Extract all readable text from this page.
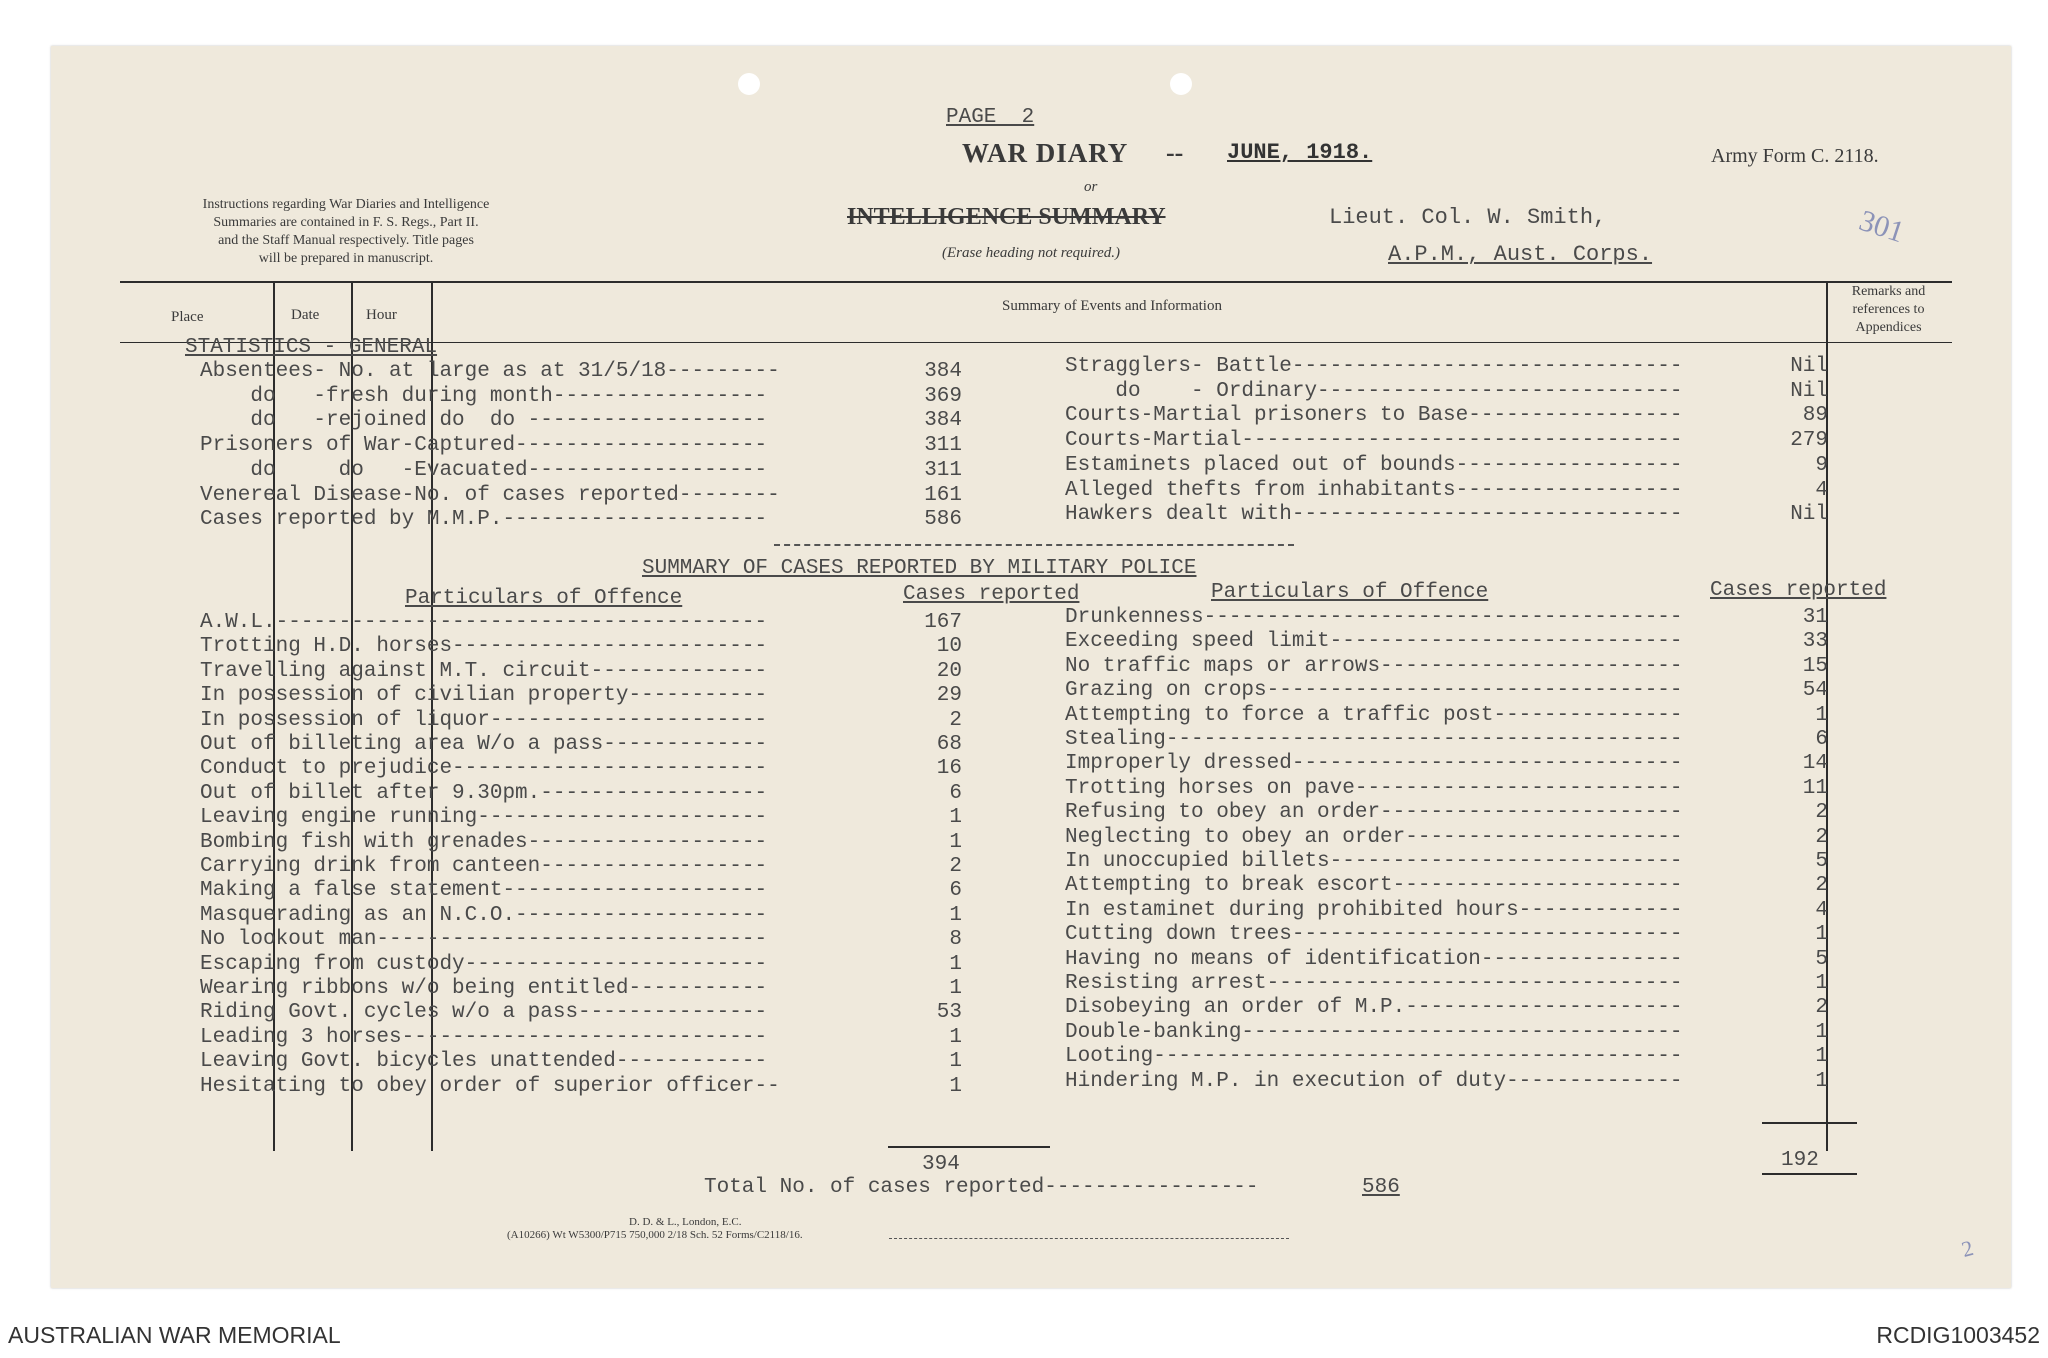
PAGE  2
WAR DIARY -- JUNE, 1918.
or
INTELLIGENCE SUMMARY
(Erase heading not required.)
Army Form C. 2118.
Lieut. Col. W. Smith,
A.P.M., Aust. Corps.
301
Instructions regarding War Diaries and Intelligence
Summaries are contained in F. S. Regs., Part II.
and the Staff Manual respectively. Title pages
will be prepared in manuscript.
Place	Date	Hour
Summary of Events and Information
Remarks and
references to
Appendices
STATISTICS - GENERAL
Absentees- No. at large as at 31/5/18---------	384
do   -fresh during month-----------------	369
do   -rejoined do  do -------------------	384
Prisoners of War-Captured--------------------	311
do     do   -Evacuated-------------------	311
Venereal Disease-No. of cases reported--------	161
Cases reported by M.M.P.---------------------	586
Stragglers- Battle-------------------------------	Nil
do    - Ordinary-----------------------------	Nil
Courts-Martial prisoners to Base-----------------	89
Courts-Martial-----------------------------------	279
Estaminets placed out of bounds------------------	9
Alleged thefts from inhabitants------------------	4
Hawkers dealt with-------------------------------	Nil
SUMMARY OF CASES REPORTED BY MILITARY POLICE
Particulars of Offence	Cases reported	Particulars of Offence	Cases reported
A.W.L.---------------------------------------	167
Trotting H.D. horses-------------------------	10
Travelling against M.T. circuit--------------	20
In possession of civilian property-----------	29
In possession of liquor----------------------	2
Out of billeting area W/o a pass-------------	68
Conduct to prejudice-------------------------	16
Out of billet after 9.30pm.------------------	6
Leaving engine running-----------------------	1
Bombing fish with grenades-------------------	1
Carrying drink from canteen------------------	2
Making a false statement---------------------	6
Masquerading as an N.C.O.--------------------	1
No lookout man-------------------------------	8
Escaping from custody------------------------	1
Wearing ribbons w/o being entitled-----------	1
Riding Govt. cycles w/o a pass---------------	53
Leading 3 horses-----------------------------	1
Leaving Govt. bicycles unattended------------	1
Hesitating to obey order of superior officer--	1
Drunkenness--------------------------------------	31
Exceeding speed limit----------------------------	33
No traffic maps or arrows------------------------	15
Grazing on crops---------------------------------	54
Attempting to force a traffic post---------------	1
Stealing-----------------------------------------	6
Improperly dressed-------------------------------	14
Trotting horses on pave--------------------------	11
Refusing to obey an order------------------------	2
Neglecting to obey an order----------------------	2
In unoccupied billets----------------------------	5
Attempting to break escort-----------------------	2
In estaminet during prohibited hours-------------	4
Cutting down trees-------------------------------	1
Having no means of identification----------------	5
Resisting arrest---------------------------------	1
Disobeying an order of M.P.----------------------	2
Double-banking-----------------------------------	1
Looting------------------------------------------	1
Hindering M.P. in execution of duty--------------	1
394	192
Total No. of cases reported-----------------	586
D. D. & L., London, E.C.
(A10266) Wt W5300/P715 750,000 2/18 Sch. 52 Forms/C2118/16.
2
AUSTRALIAN WAR MEMORIAL	RCDIG1003452
